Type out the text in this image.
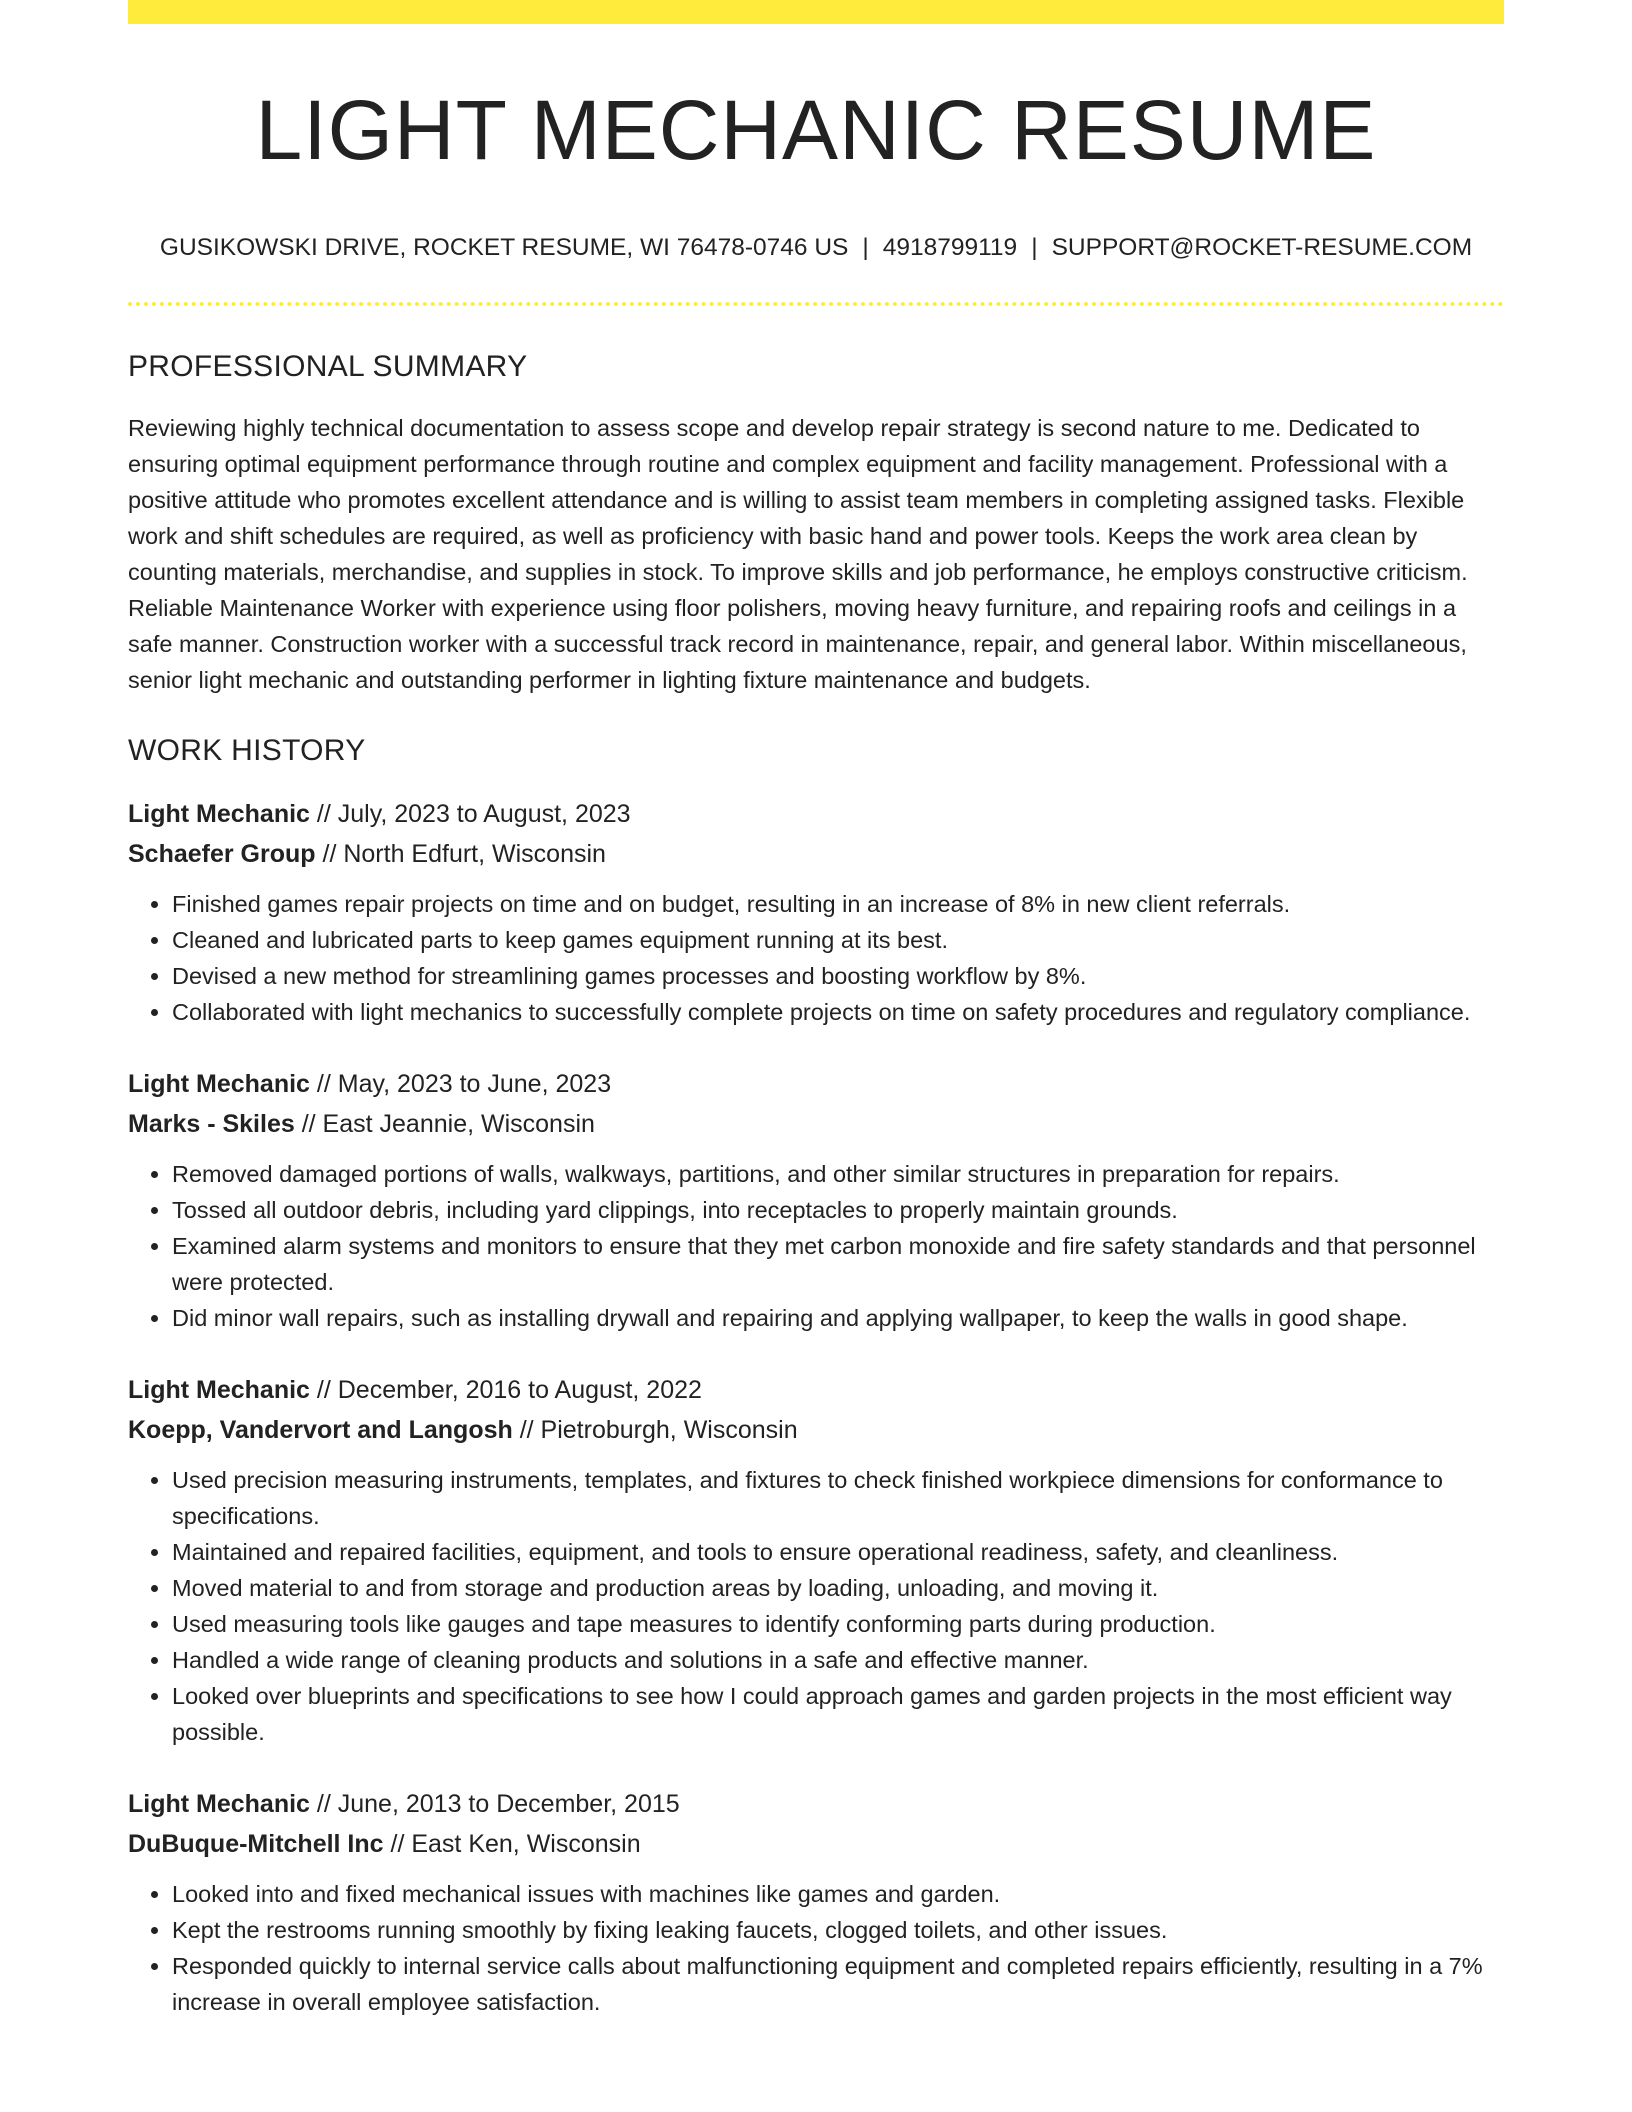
LIGHT MECHANIC RESUME
GUSIKOWSKI DRIVE, ROCKET RESUME, WI 76478-0746 US | 4918799119 | SUPPORT@ROCKET-RESUME.COM
PROFESSIONAL SUMMARY

Reviewing highly technical documentation to assess scope and develop repair strategy is second nature to me. Dedicated to ensuring optimal equipment performance through routine and complex equipment and facility management. Professional with a positive attitude who promotes excellent attendance and is willing to assist team members in completing assigned tasks. Flexible work and shift schedules are required, as well as proficiency with basic hand and power tools. Keeps the work area clean by counting materials, merchandise, and supplies in stock. To improve skills and job performance, he employs constructive criticism. Reliable Maintenance Worker with experience using floor polishers, moving heavy furniture, and repairing roofs and ceilings in a safe manner. Construction worker with a successful track record in maintenance, repair, and general labor. Within miscellaneous, senior light mechanic and outstanding performer in lighting fixture maintenance and budgets.

WORK HISTORY
Light Mechanic // July, 2023 to August, 2023
Schaefer Group // North Edfurt, Wisconsin
• Finished games repair projects on time and on budget, resulting in an increase of 8% in new client referrals.
• Cleaned and lubricated parts to keep games equipment running at its best.
• Devised a new method for streamlining games processes and boosting workflow by 8%.
• Collaborated with light mechanics to successfully complete projects on time on safety procedures and regulatory compliance.
Light Mechanic // May, 2023 to June, 2023
Marks - Skiles // East Jeannie, Wisconsin
• Removed damaged portions of walls, walkways, partitions, and other similar structures in preparation for repairs.
• Tossed all outdoor debris, including yard clippings, into receptacles to properly maintain grounds.
• Examined alarm systems and monitors to ensure that they met carbon monoxide and fire safety standards and that personnel were protected.
• Did minor wall repairs, such as installing drywall and repairing and applying wallpaper, to keep the walls in good shape.
Light Mechanic // December, 2016 to August, 2022
Koepp, Vandervort and Langosh // Pietroburgh, Wisconsin
• Used precision measuring instruments, templates, and fixtures to check finished workpiece dimensions for conformance to specifications.
• Maintained and repaired facilities, equipment, and tools to ensure operational readiness, safety, and cleanliness.
• Moved material to and from storage and production areas by loading, unloading, and moving it.
• Used measuring tools like gauges and tape measures to identify conforming parts during production.
• Handled a wide range of cleaning products and solutions in a safe and effective manner.
• Looked over blueprints and specifications to see how I could approach games and garden projects in the most efficient way possible.
Light Mechanic // June, 2013 to December, 2015
DuBuque-Mitchell Inc // East Ken, Wisconsin
• Looked into and fixed mechanical issues with machines like games and garden.
• Kept the restrooms running smoothly by fixing leaking faucets, clogged toilets, and other issues.
• Responded quickly to internal service calls about malfunctioning equipment and completed repairs efficiently, resulting in a 7% increase in overall employee satisfaction.
